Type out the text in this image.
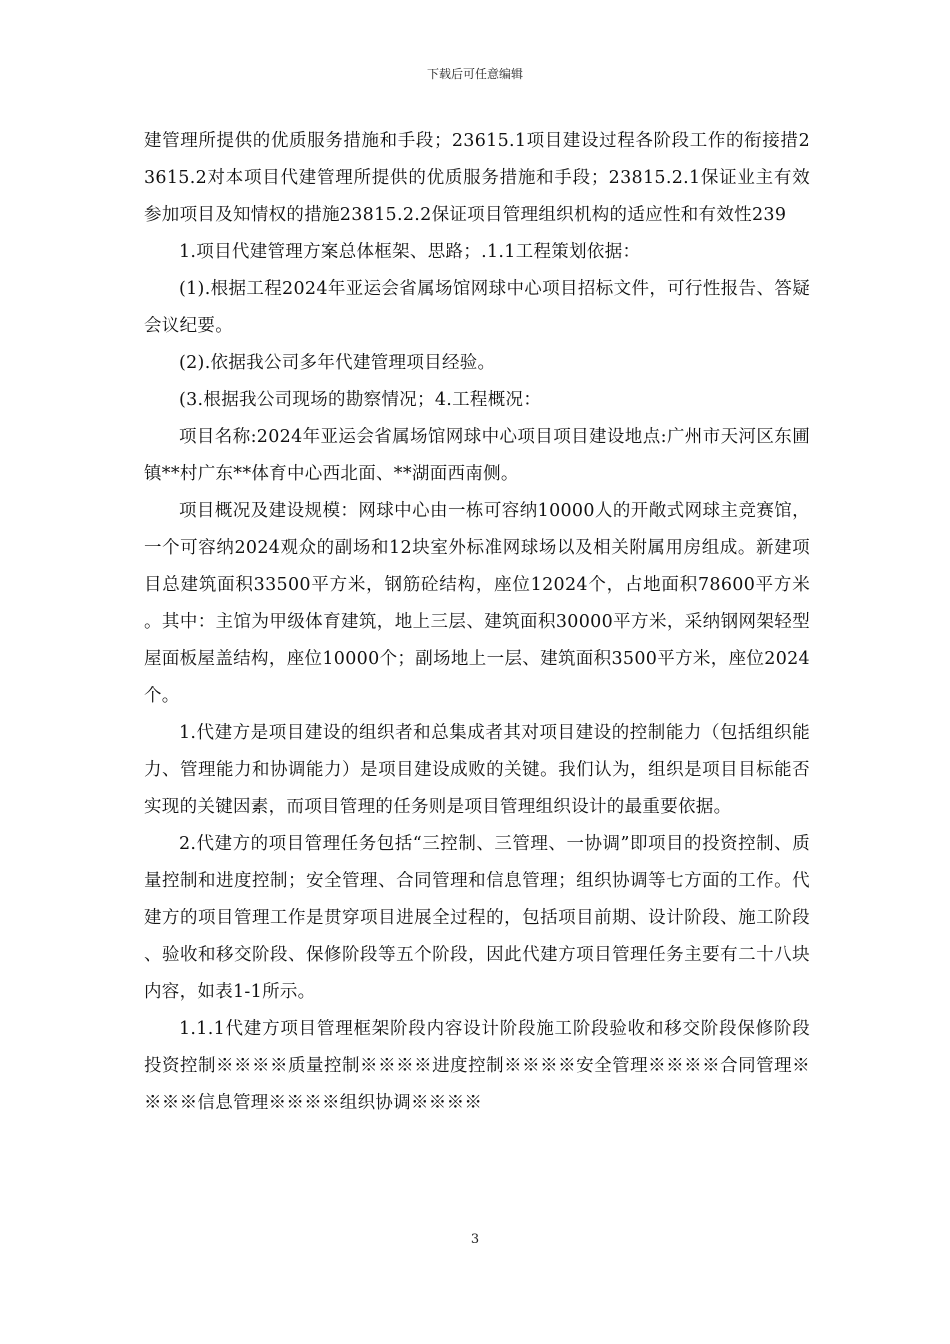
下载后可任意编辑

建管理所提供的优质服务措施和手段；23615.1项目建设过程各阶段工作的衔接措23615.2对本项目代建管理所提供的优质服务措施和手段；23815.2.1保证业主有效参加项目及知情权的措施23815.2.2保证项目管理组织机构的适应性和有效性239

1.项目代建管理方案总体框架、思路；.1.1工程策划依据：

(1).根据工程2024年亚运会省属场馆网球中心项目招标文件，可行性报告、答疑会议纪要。

(2).依据我公司多年代建管理项目经验。

(3.根据我公司现场的勘察情况；4.工程概况：

项目名称:2024年亚运会省属场馆网球中心项目项目建设地点:广州市天河区东圃镇**村广东**体育中心西北面、**湖面西南侧。

项目概况及建设规模：网球中心由一栋可容纳10000人的开敞式网球主竞赛馆，一个可容纳2024观众的副场和12块室外标准网球场以及相关附属用房组成。新建项目总建筑面积33500平方米，钢筋砼结构，座位12024个，占地面积78600平方米。其中：主馆为甲级体育建筑，地上三层、建筑面积30000平方米，采纳钢网架轻型屋面板屋盖结构，座位10000个；副场地上一层、建筑面积3500平方米，座位2024个。

1.代建方是项目建设的组织者和总集成者其对项目建设的控制能力（包括组织能力、管理能力和协调能力）是项目建设成败的关键。我们认为，组织是项目目标能否实现的关键因素，而项目管理的任务则是项目管理组织设计的最重要依据。

2.代建方的项目管理任务包括“三控制、三管理、一协调”即项目的投资控制、质量控制和进度控制；安全管理、合同管理和信息管理；组织协调等七方面的工作。代建方的项目管理工作是贯穿项目进展全过程的，包括项目前期、设计阶段、施工阶段、验收和移交阶段、保修阶段等五个阶段，因此代建方项目管理任务主要有二十八块内容，如表1-1所示。

1.1.1代建方项目管理框架阶段内容设计阶段施工阶段验收和移交阶段保修阶段投资控制※※※※质量控制※※※※进度控制※※※※安全管理※※※※合同管理※※※※信息管理※※※※组织协调※※※※

3
